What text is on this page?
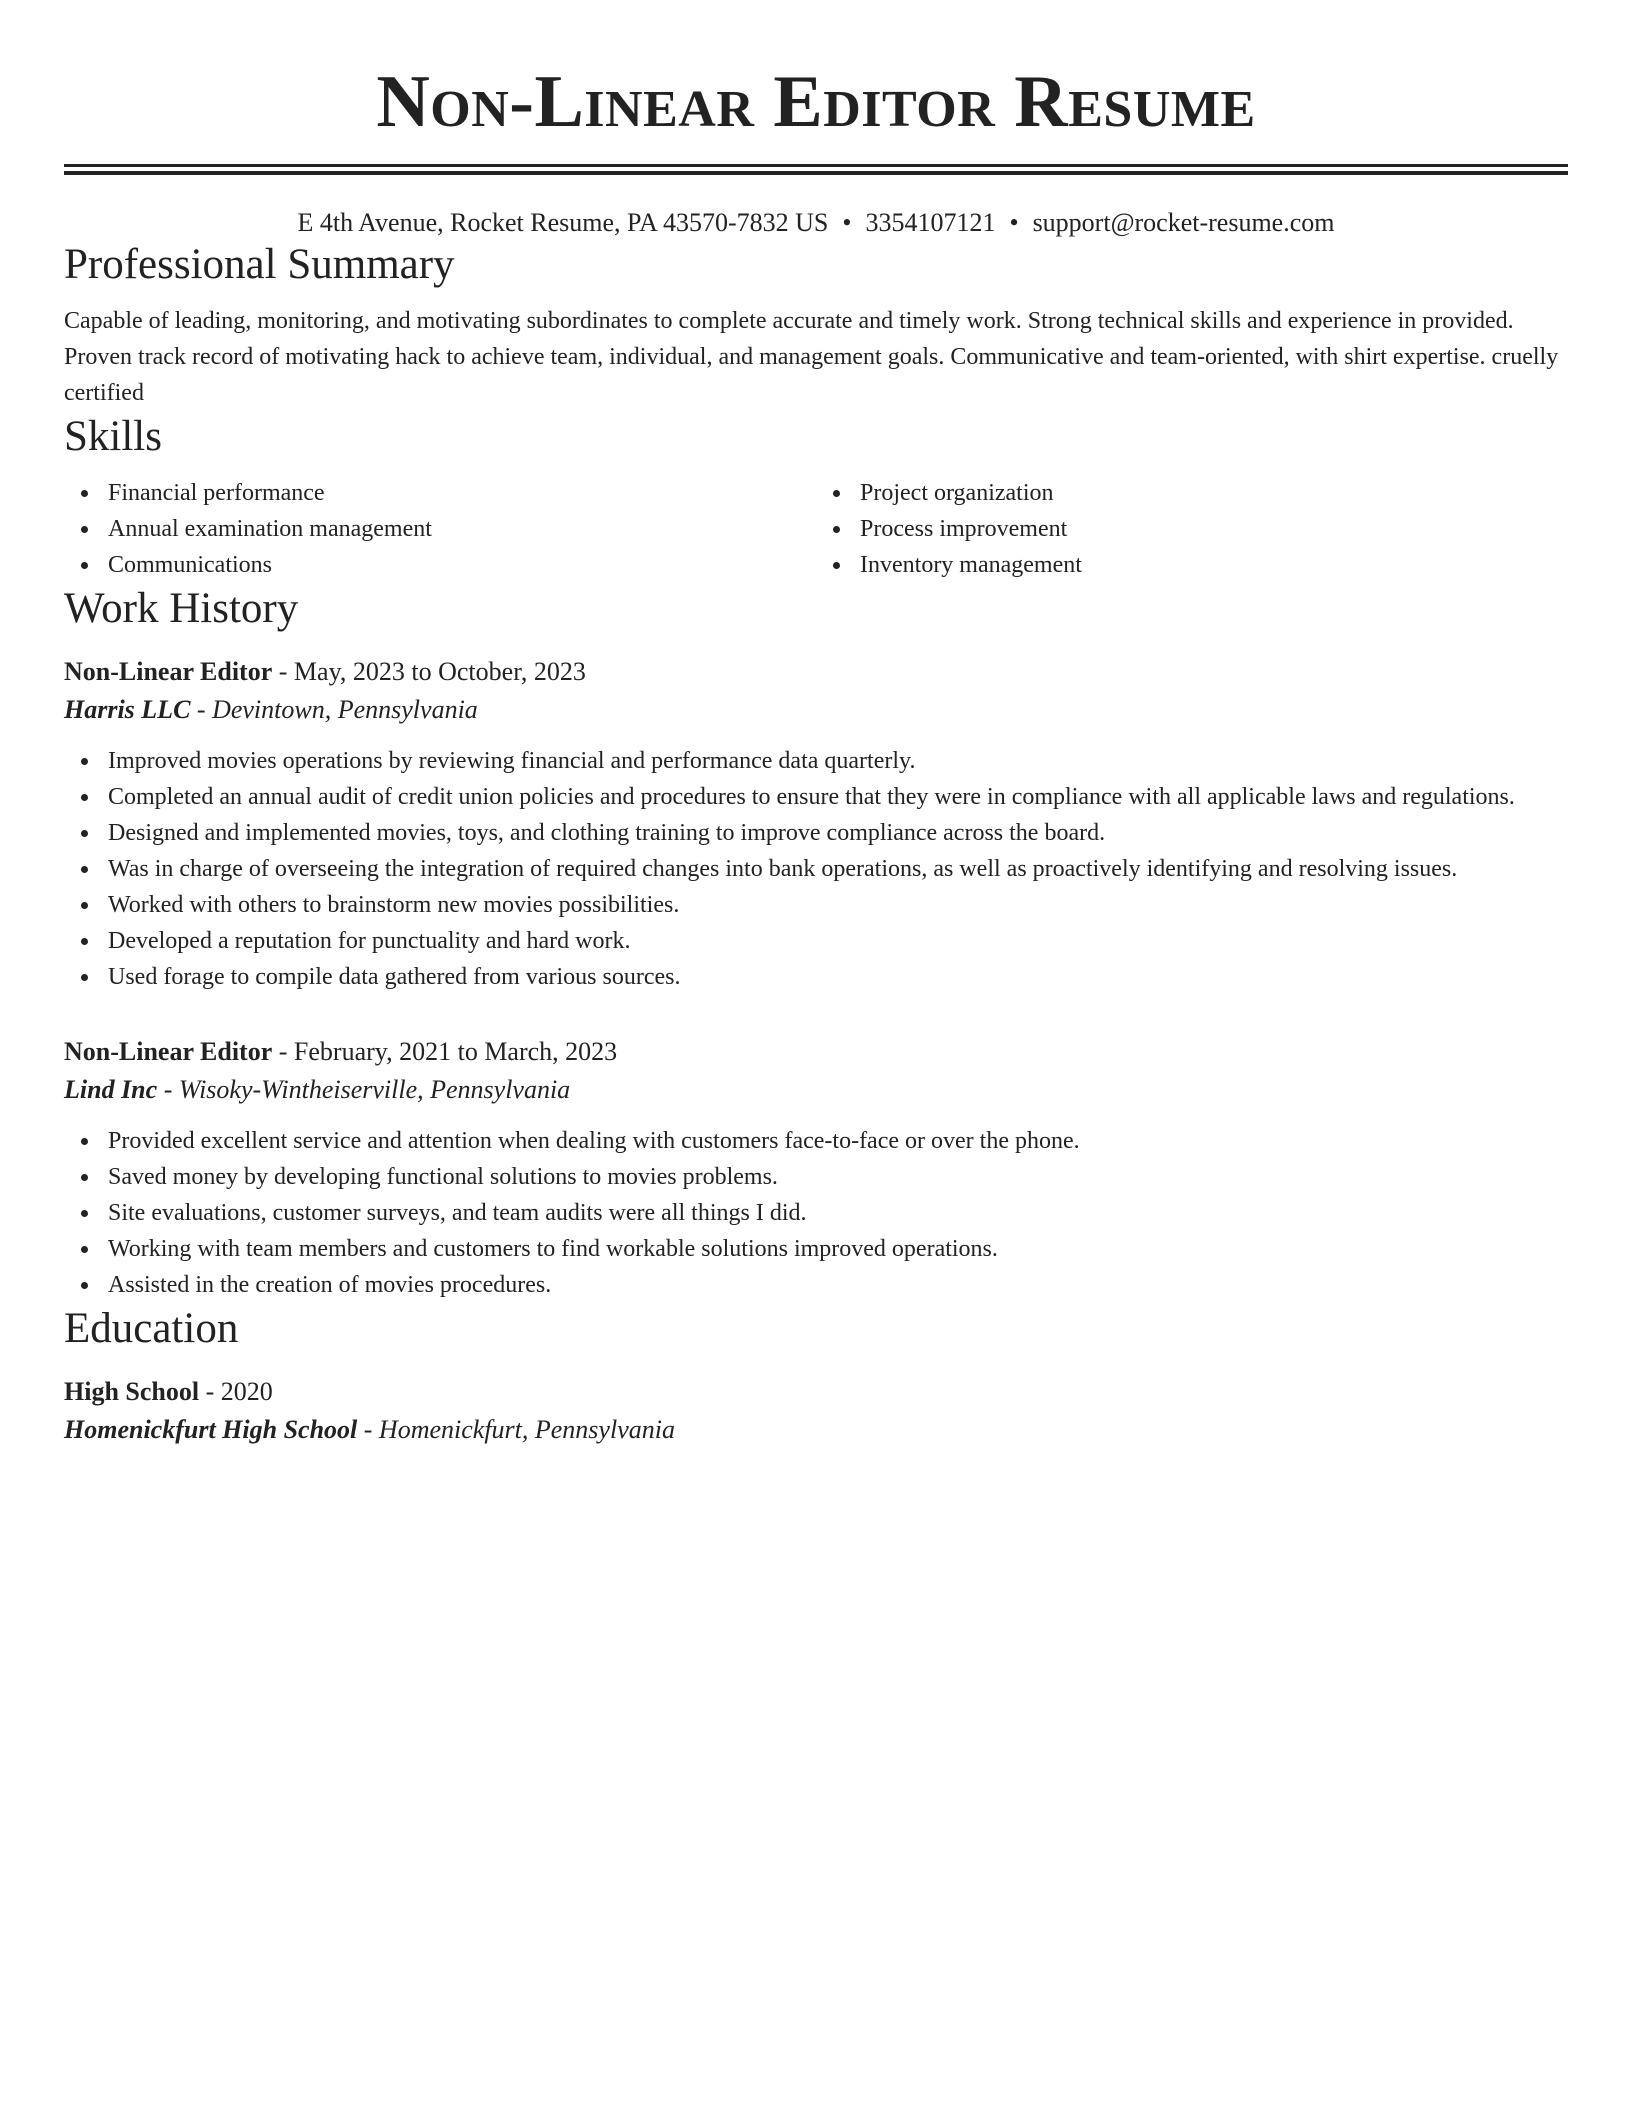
Non-Linear Editor Resume
E 4th Avenue, Rocket Resume, PA 43570-7832 US • 3354107121 • support@rocket-resume.com
Professional Summary

Capable of leading, monitoring, and motivating subordinates to complete accurate and timely work. Strong technical skills and experience in provided. Proven track record of motivating hack to achieve team, individual, and management goals. Communicative and team-oriented, with shirt expertise. cruelly certified

Skills
Financial performance
Annual examination management
Communications
Project organization
Process improvement
Inventory management
Work History
Non-Linear Editor - May, 2023 to October, 2023
Harris LLC - Devintown, Pennsylvania
Improved movies operations by reviewing financial and performance data quarterly.
Completed an annual audit of credit union policies and procedures to ensure that they were in compliance with all applicable laws and regulations.
Designed and implemented movies, toys, and clothing training to improve compliance across the board.
Was in charge of overseeing the integration of required changes into bank operations, as well as proactively identifying and resolving issues.
Worked with others to brainstorm new movies possibilities.
Developed a reputation for punctuality and hard work.
Used forage to compile data gathered from various sources.
Non-Linear Editor - February, 2021 to March, 2023
Lind Inc - Wisoky-Wintheiserville, Pennsylvania
Provided excellent service and attention when dealing with customers face-to-face or over the phone.
Saved money by developing functional solutions to movies problems.
Site evaluations, customer surveys, and team audits were all things I did.
Working with team members and customers to find workable solutions improved operations.
Assisted in the creation of movies procedures.
Education
High School - 2020
Homenickfurt High School - Homenickfurt, Pennsylvania
